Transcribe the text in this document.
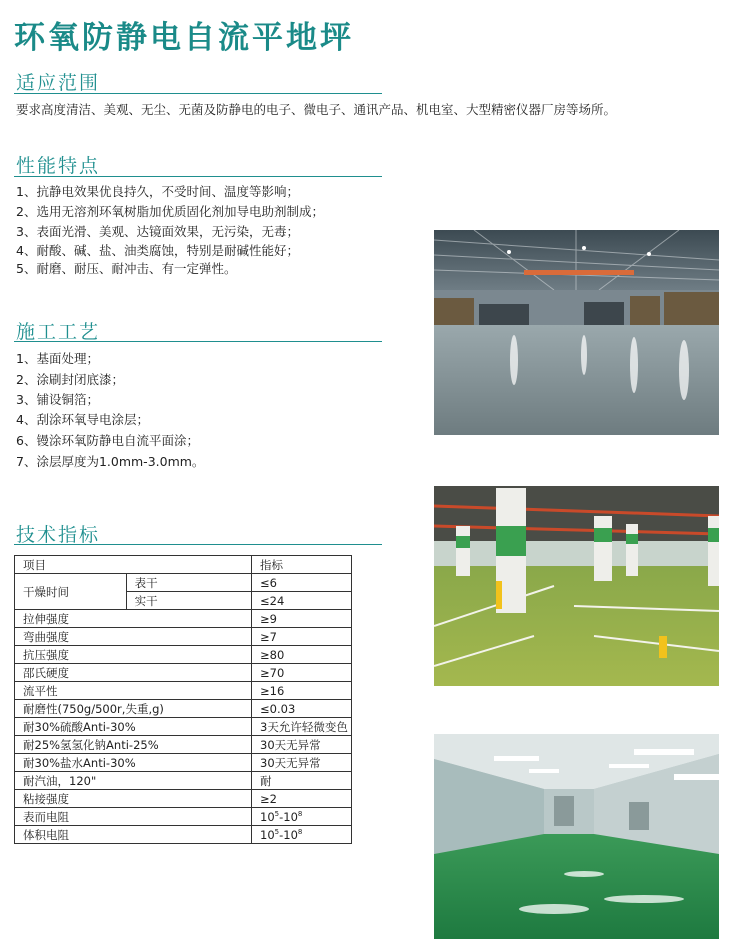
环氧防静电自流平地坪
适应范围
要求高度清洁、美观、无尘、无菌及防静电的电子、微电子、通讯产品、机电室、大型精密仪器厂房等场所。
性能特点
1、抗静电效果优良持久，不受时间、温度等影响；
2、选用无溶剂环氧树脂加优质固化剂加导电助剂制成；
3、表面光滑、美观、达镜面效果，无污染，无毒；
4、耐酸、碱、盐、油类腐蚀，特别是耐碱性能好；
5、耐磨、耐压、耐冲击、有一定弹性。
施工工艺
1、基面处理；
2、涂刷封闭底漆；
3、铺设铜箔；
4、刮涂环氧导电涂层；
6、镘涂环氧防静电自流平面涂；
7、涂层厚度为1.0mm-3.0mm。
技术指标
项目		指标
干燥时间	表干	≤6
	实干	≤24
拉伸强度		≥9
弯曲强度		≥7
抗压强度		≥80
邵氏硬度		≥70
流平性		≥16
耐磨性(750g/500r,失重,g)		≤0.03
耐30%硫酸Anti-30%		3天允许轻微变色
耐25%氢氢化钠Anti-25%		30天无异常
耐30%盐水Anti-30%		30天无异常
耐汽油，120"		耐
粘接强度		≥2
表而电阻		$10^5-10^8$
体积电阻		$10^5-10^8$
